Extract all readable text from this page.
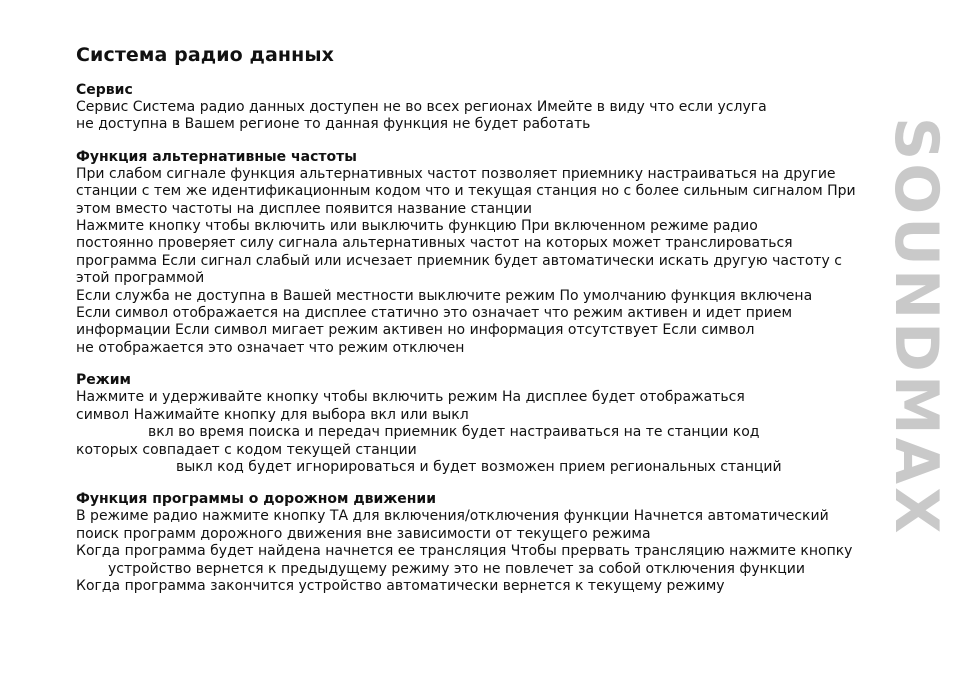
Система радио данных
Сервис

Сервис Система радио данных доступен не во всех регионах Имейте в виду что если услуга

не доступна в Вашем регионе то данная функция не будет работать

Функция альтернативные частоты

При слабом сигнале функция альтернативных частот позволяет приемнику настраиваться на другие

станции с тем же идентификационным кодом что и текущая станция но с более сильным сигналом При

этом вместо частоты на дисплее появится название станции

Нажмите кнопку чтобы включить или выключить функцию При включенном режиме радио

постоянно проверяет силу сигнала альтернативных частот на которых может транслироваться

программа Если сигнал слабый или исчезает приемник будет автоматически искать другую частоту с

этой программой

Если служба не доступна в Вашей местности выключите режим По умолчанию функция включена

Если символ отображается на дисплее статично это означает что режим активен и идет прием

информации Если символ мигает режим активен но информация отсутствует Если символ

не отображается это означает что режим отключен

Режим

Нажмите и удерживайте кнопку чтобы включить режим На дисплее будет отображаться

символ Нажимайте кнопку для выбора вкл или выкл

вкл во время поиска и передач приемник будет настраиваться на те станции код

которых совпадает с кодом текущей станции

выкл код будет игнорироваться и будет возможен прием региональных станций

Функция программы о дорожном движении

В режиме радио нажмите кнопку ТА для включения/отключения функции Начнется автоматический

поиск программ дорожного движения вне зависимости от текущего режима

Когда программа будет найдена начнется ее трансляция Чтобы прервать трансляцию нажмите кнопку

устройство вернется к предыдущему режиму это не повлечет за собой отключения функции

Когда программа закончится устройство автоматически вернется к текущему режиму

SOUNDMAX
